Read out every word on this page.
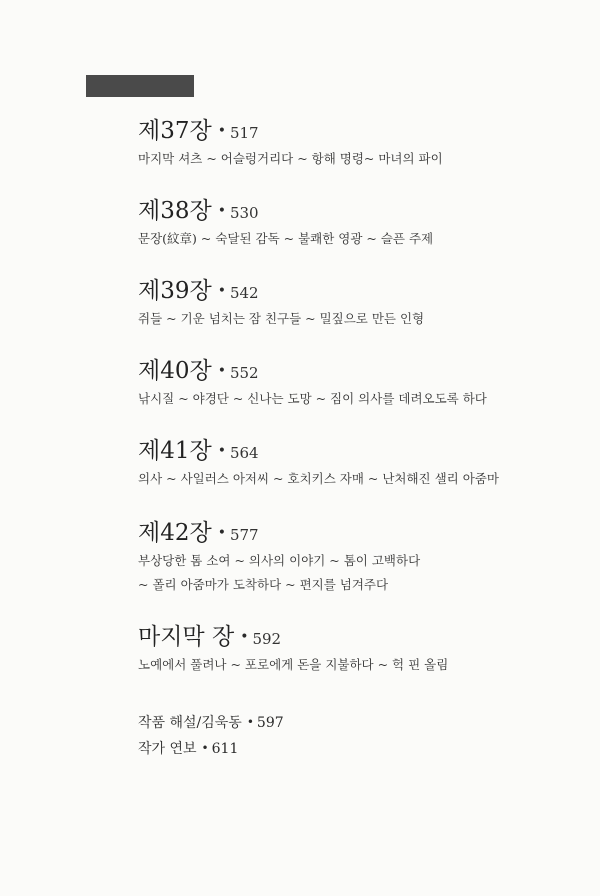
제37장 • 517
마지막 셔츠 ~ 어슬렁거리다 ~ 항해 명령~ 마녀의 파이
제38장 • 530
문장(紋章) ~ 숙달된 감독 ~ 불쾌한 영광 ~ 슬픈 주제
제39장 • 542
쥐들 ~ 기운 넘치는 잠 친구들 ~ 밀짚으로 만든 인형
제40장 • 552
낚시질 ~ 야경단 ~ 신나는 도망 ~ 짐이 의사를 데려오도록 하다
제41장 • 564
의사 ~ 사일러스 아저씨 ~ 호치키스 자매 ~ 난처해진 샐리 아줌마
제42장 • 577
부상당한 톰 소여 ~ 의사의 이야기 ~ 톰이 고백하다
~ 폴리 아줌마가 도착하다 ~ 편지를 넘겨주다
마지막 장 • 592
노예에서 풀려나 ~ 포로에게 돈을 지불하다 ~ 헉 핀 올림
작품 해설/김욱동 • 597
작가 연보 • 611
